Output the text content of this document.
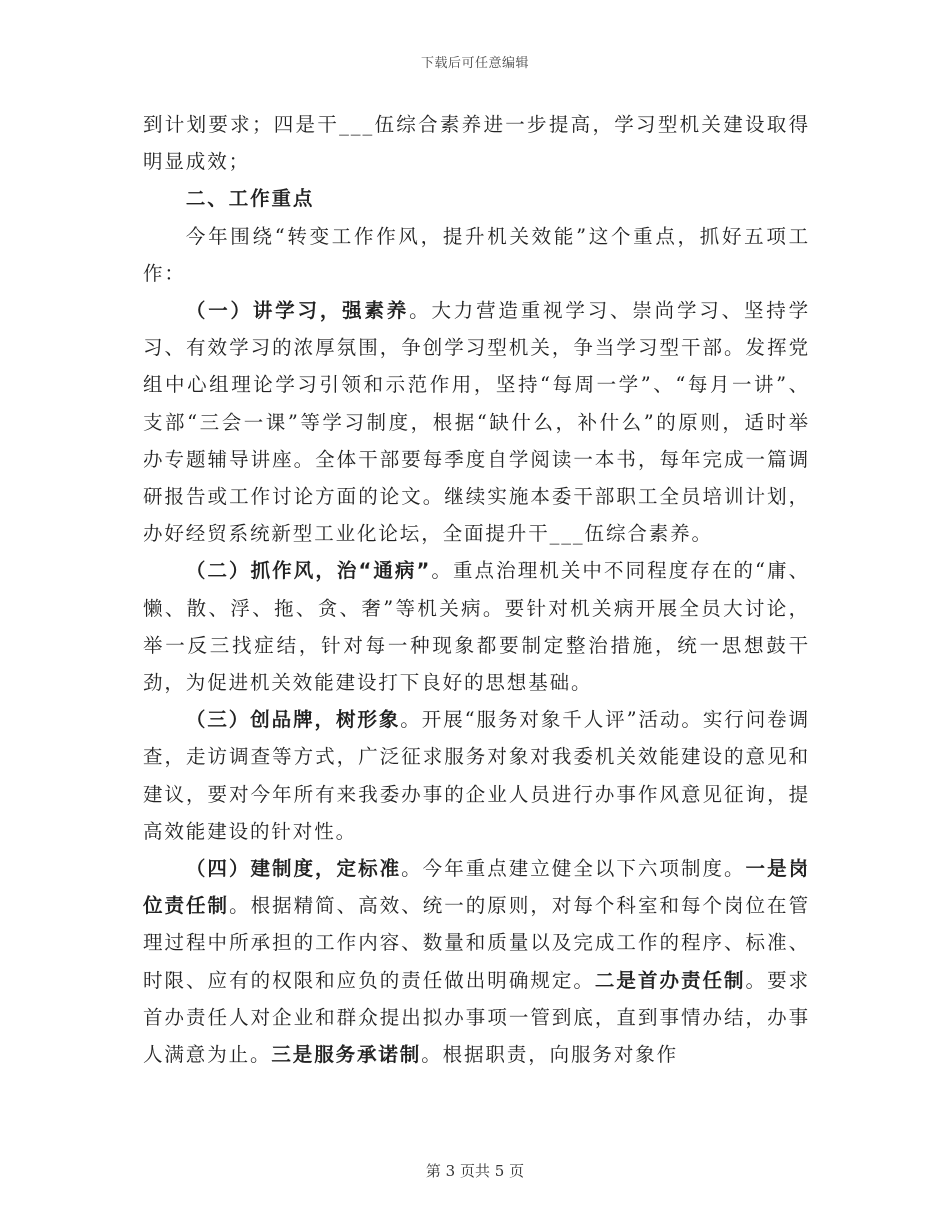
下载后可任意编辑

到计划要求；四是干___伍综合素养进一步提高，学习型机关建设取得明显成效；

二、工作重点

今年围绕“转变工作作风，提升机关效能”这个重点，抓好五项工作：

（一）讲学习，强素养。大力营造重视学习、崇尚学习、坚持学习、有效学习的浓厚氛围，争创学习型机关，争当学习型干部。发挥党组中心组理论学习引领和示范作用，坚持“每周一学”、“每月一讲”、支部“三会一课”等学习制度，根据“缺什么，补什么”的原则，适时举办专题辅导讲座。全体干部要每季度自学阅读一本书，每年完成一篇调研报告或工作讨论方面的论文。继续实施本委干部职工全员培训计划，办好经贸系统新型工业化论坛，全面提升干___伍综合素养。

（二）抓作风，治“通病”。重点治理机关中不同程度存在的“庸、懒、散、浮、拖、贪、奢”等机关病。要针对机关病开展全员大讨论，举一反三找症结，针对每一种现象都要制定整治措施，统一思想鼓干劲，为促进机关效能建设打下良好的思想基础。

（三）创品牌，树形象。开展“服务对象千人评”活动。实行问卷调查，走访调查等方式，广泛征求服务对象对我委机关效能建设的意见和建议，要对今年所有来我委办事的企业人员进行办事作风意见征询，提高效能建设的针对性。

（四）建制度，定标准。今年重点建立健全以下六项制度。一是岗位责任制。根据精简、高效、统一的原则，对每个科室和每个岗位在管理过程中所承担的工作内容、数量和质量以及完成工作的程序、标准、时限、应有的权限和应负的责任做出明确规定。二是首办责任制。要求首办责任人对企业和群众提出拟办事项一管到底，直到事情办结，办事人满意为止。三是服务承诺制。根据职责，向服务对象作

第 3 页共 5 页
